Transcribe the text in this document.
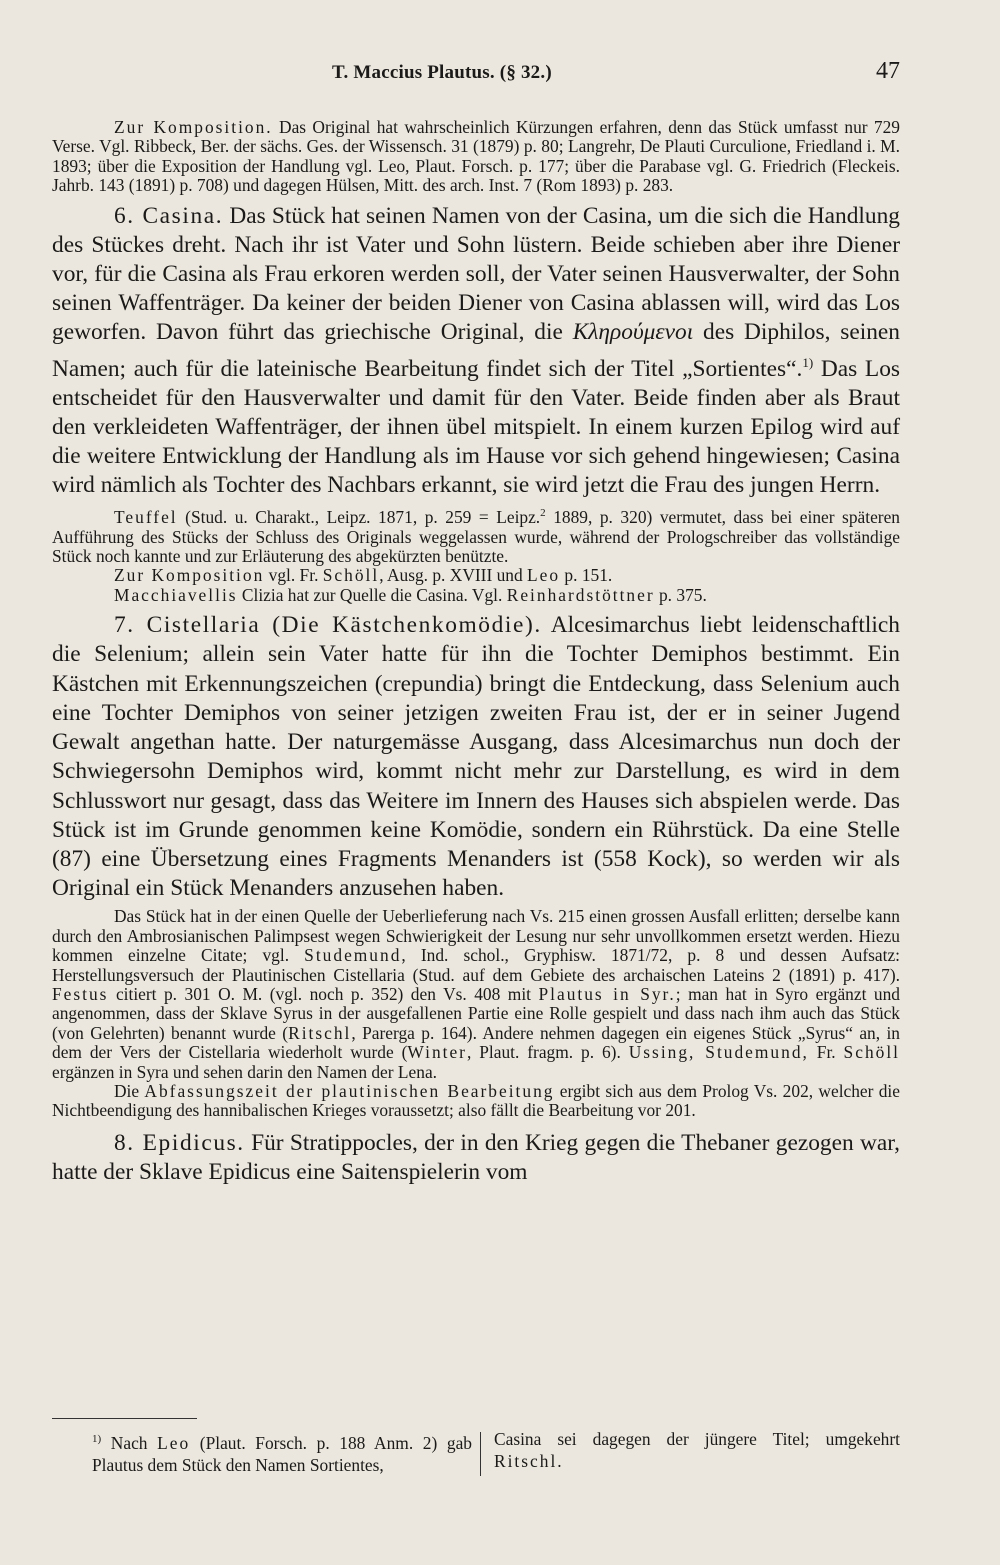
T. Maccius Plautus. (§ 32.)	47

Zur Komposition. Das Original hat wahrscheinlich Kürzungen erfahren, denn das Stück umfasst nur 729 Verse. Vgl. Ribbeck, Ber. der sächs. Ges. der Wissensch. 31 (1879) p. 80; Langrehr, De Plauti Curculione, Friedland i. M. 1893; über die Exposition der Handlung vgl. Leo, Plaut. Forsch. p. 177; über die Parabase vgl. G. Friedrich (Fleckeis. Jahrb. 143 (1891) p. 708) und dagegen Hülsen, Mitt. des arch. Inst. 7 (Rom 1893) p. 283.

6. Casina. Das Stück hat seinen Namen von der Casina, um die sich die Handlung des Stückes dreht. Nach ihr ist Vater und Sohn lüstern. Beide schieben aber ihre Diener vor, für die Casina als Frau erkoren werden soll, der Vater seinen Hausverwalter, der Sohn seinen Waffenträger. Da keiner der beiden Diener von Casina ablassen will, wird das Los geworfen. Davon führt das griechische Original, die Κληρούμενοι des Diphilos, seinen Namen; auch für die lateinische Bearbeitung findet sich der Titel „Sortientes“.$^{1)}$ Das Los entscheidet für den Hausverwalter und damit für den Vater. Beide finden aber als Braut den verkleideten Waffenträger, der ihnen übel mitspielt. In einem kurzen Epilog wird auf die weitere Entwicklung der Handlung als im Hause vor sich gehend hingewiesen; Casina wird nämlich als Tochter des Nachbars erkannt, sie wird jetzt die Frau des jungen Herrn.

Teuffel (Stud. u. Charakt., Leipz. 1871, p. 259 = Leipz.$^2$ 1889, p. 320) vermutet, dass bei einer späteren Aufführung des Stücks der Schluss des Originals weggelassen wurde, während der Prologschreiber das vollständige Stück noch kannte und zur Erläuterung des abgekürzten benützte.

Zur Komposition vgl. Fr. Schöll, Ausg. p. XVIII und Leo p. 151.

Macchiavellis Clizia hat zur Quelle die Casina. Vgl. Reinhardstöttner p. 375.

7. Cistellaria (Die Kästchenkomödie). Alcesimarchus liebt leidenschaftlich die Selenium; allein sein Vater hatte für ihn die Tochter Demiphos bestimmt. Ein Kästchen mit Erkennungszeichen (crepundia) bringt die Entdeckung, dass Selenium auch eine Tochter Demiphos von seiner jetzigen zweiten Frau ist, der er in seiner Jugend Gewalt angethan hatte. Der naturgemässe Ausgang, dass Alcesimarchus nun doch der Schwiegersohn Demiphos wird, kommt nicht mehr zur Darstellung, es wird in dem Schlusswort nur gesagt, dass das Weitere im Innern des Hauses sich abspielen werde. Das Stück ist im Grunde genommen keine Komödie, sondern ein Rührstück. Da eine Stelle (87) eine Übersetzung eines Fragments Menanders ist (558 Kock), so werden wir als Original ein Stück Menanders anzusehen haben.

Das Stück hat in der einen Quelle der Ueberlieferung nach Vs. 215 einen grossen Ausfall erlitten; derselbe kann durch den Ambrosianischen Palimpsest wegen Schwierigkeit der Lesung nur sehr unvollkommen ersetzt werden. Hiezu kommen einzelne Citate; vgl. Studemund, Ind. schol., Gryphisw. 1871/72, p. 8 und dessen Aufsatz: Herstellungsversuch der Plautinischen Cistellaria (Stud. auf dem Gebiete des archaischen Lateins 2 (1891) p. 417). Festus citiert p. 301 O. M. (vgl. noch p. 352) den Vs. 408 mit Plautus in Syr.; man hat in Syro ergänzt und angenommen, dass der Sklave Syrus in der ausgefallenen Partie eine Rolle gespielt und dass nach ihm auch das Stück (von Gelehrten) benannt wurde (Ritschl, Parerga p. 164). Andere nehmen dagegen ein eigenes Stück „Syrus“ an, in dem der Vers der Cistellaria wiederholt wurde (Winter, Plaut. fragm. p. 6). Ussing, Studemund, Fr. Schöll ergänzen in Syra und sehen darin den Namen der Lena.

Die Abfassungszeit der plautinischen Bearbeitung ergibt sich aus dem Prolog Vs. 202, welcher die Nichtbeendigung des hannibalischen Krieges voraussetzt; also fällt die Bearbeitung vor 201.

8. Epidicus. Für Stratippocles, der in den Krieg gegen die Thebaner gezogen war, hatte der Sklave Epidicus eine Saitenspielerin vom

$^{1)}$ Nach Leo (Plaut. Forsch. p. 188 Anm. 2) gab Plautus dem Stück den Namen Sortientes,
Casina sei dagegen der jüngere Titel; umgekehrt Ritschl.
